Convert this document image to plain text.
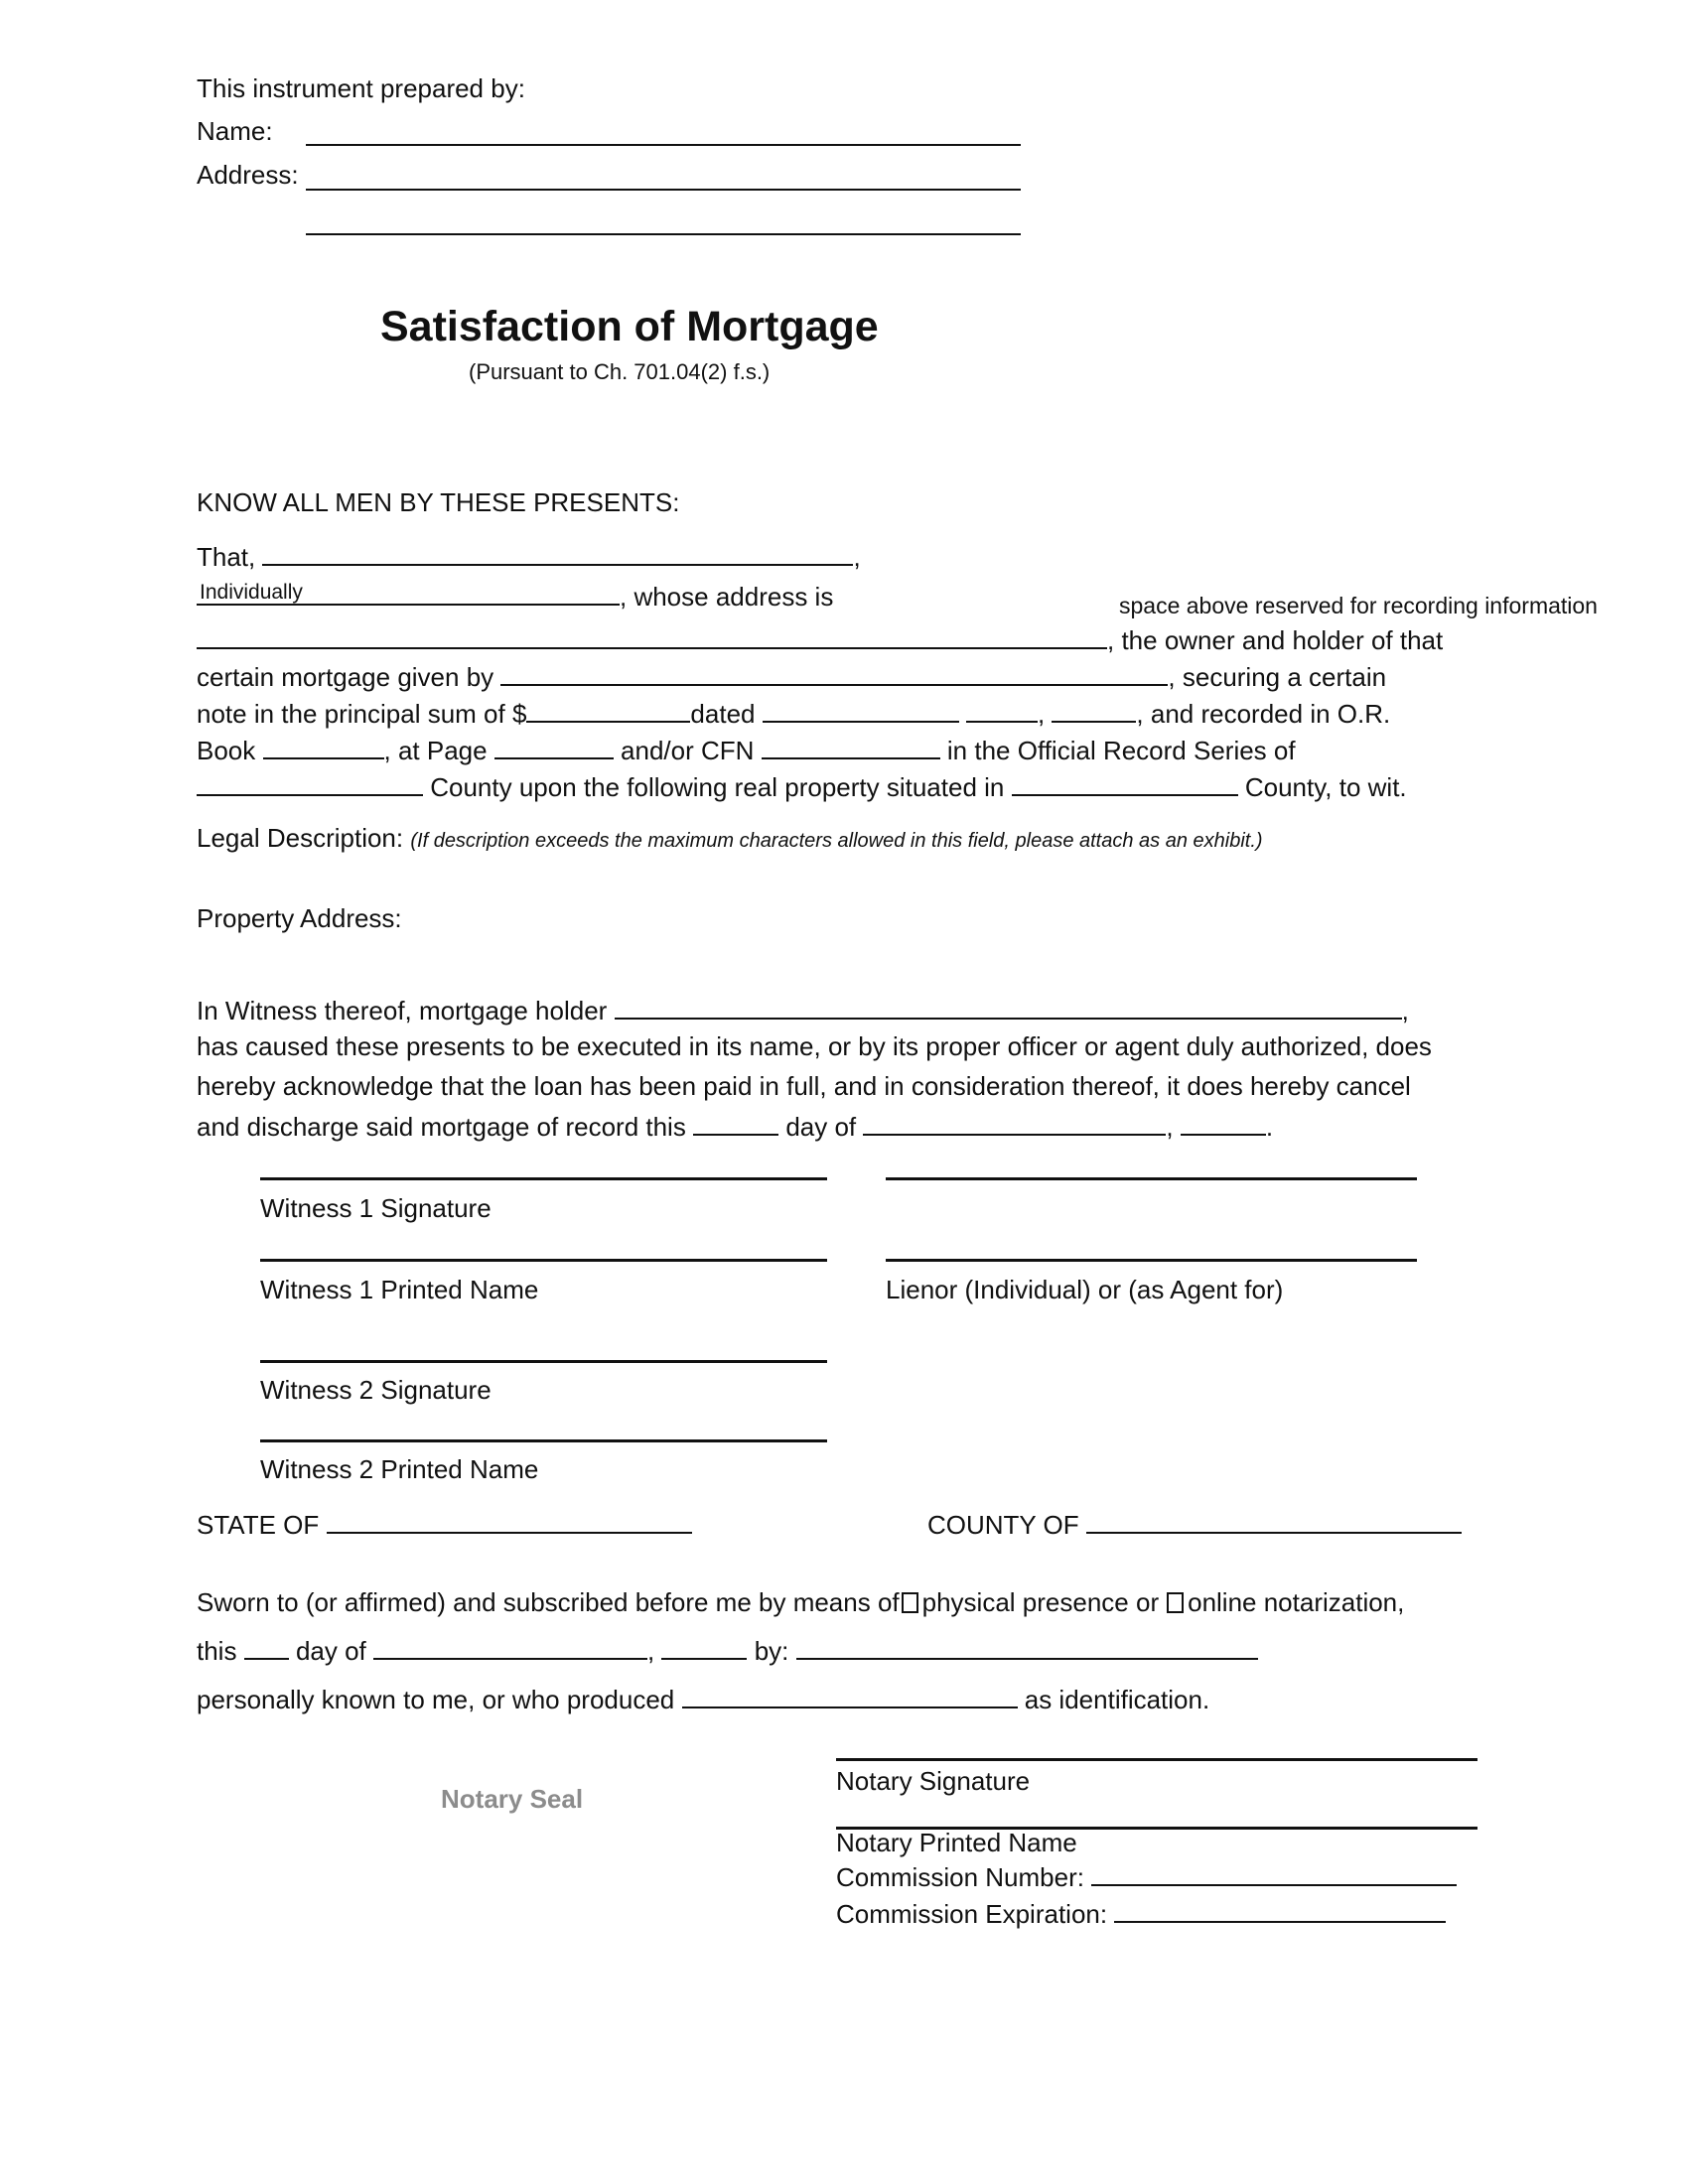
This instrument prepared by:
Name:
Address:
Satisfaction of Mortgage
(Pursuant to Ch. 701.04(2) f.s.)
KNOW ALL MEN BY THESE PRESENTS:
That,	,
Individually	, whose address is	space above reserved for recording information
, the owner and holder of that
certain mortgage given by	, securing a certain
note in the principal sum of $	dated	,	, and recorded in O.R.
Book	, at Page	and/or CFN	in the Official Record Series of
County upon the following real property situated in	County, to wit.
Legal Description: (If description exceeds the maximum characters allowed in this field, please attach as an exhibit.)
Property Address:
In Witness thereof, mortgage holder	,
has caused these presents to be executed in its name, or by its proper officer or agent duly authorized, does
hereby acknowledge that the loan has been paid in full, and in consideration thereof, it does hereby cancel
and discharge said mortgage of record this	day of	,	.
Witness 1 Signature
Witness 1 Printed Name	Lienor (Individual) or (as Agent for)
Witness 2 Signature
Witness 2 Printed Name
STATE OF	COUNTY OF
Sworn to (or affirmed) and subscribed before me by means of physical presence or online notarization,
this day of	,	by:
personally known to me, or who produced	as identification.
Notary Seal
Notary Signature
Notary Printed Name
Commission Number:
Commission Expiration:
